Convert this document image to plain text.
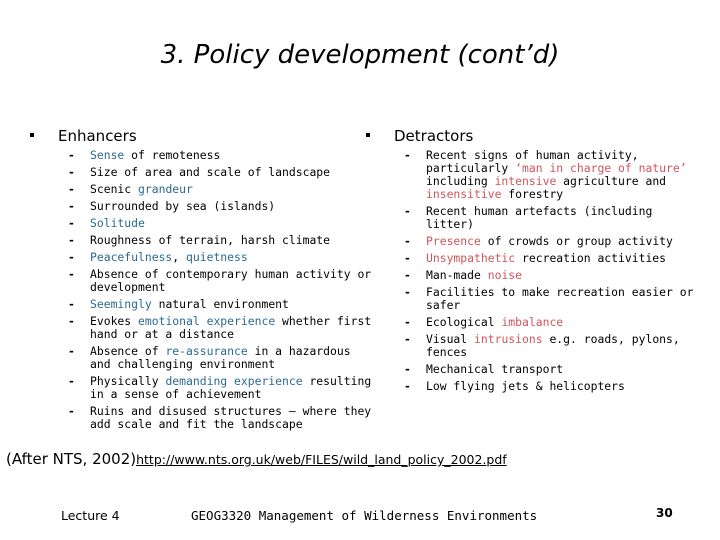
3. Policy development (cont’d)
Enhancers
- Sense of remoteness
- Size of area and scale of landscape
- Scenic grandeur
- Surrounded by sea (islands)
- Solitude
- Roughness of terrain, harsh climate
- Peacefulness, quietness
- Absence of contemporary human activity or development
- Seemingly natural environment
- Evokes emotional experience whether first hand or at a distance
- Absence of re-assurance in a hazardous and challenging environment
- Physically demanding experience resulting in a sense of achievement
- Ruins and disused structures – where they add scale and fit the landscape
Detractors
- Recent signs of human activity, particularly ‘man in charge of nature’ including intensive agriculture and insensitive forestry
- Recent human artefacts (including litter)
- Presence of crowds or group activity
- Unsympathetic recreation activities
- Man-made noise
- Facilities to make recreation easier or safer
- Ecological imbalance
- Visual intrusions e.g. roads, pylons, fences
- Mechanical transport
- Low flying jets & helicopters
(After NTS, 2002)http://www.nts.org.uk/web/FILES/wild_land_policy_2002.pdf
Lecture 4	GEOG3320 Management of Wilderness Environments	30
